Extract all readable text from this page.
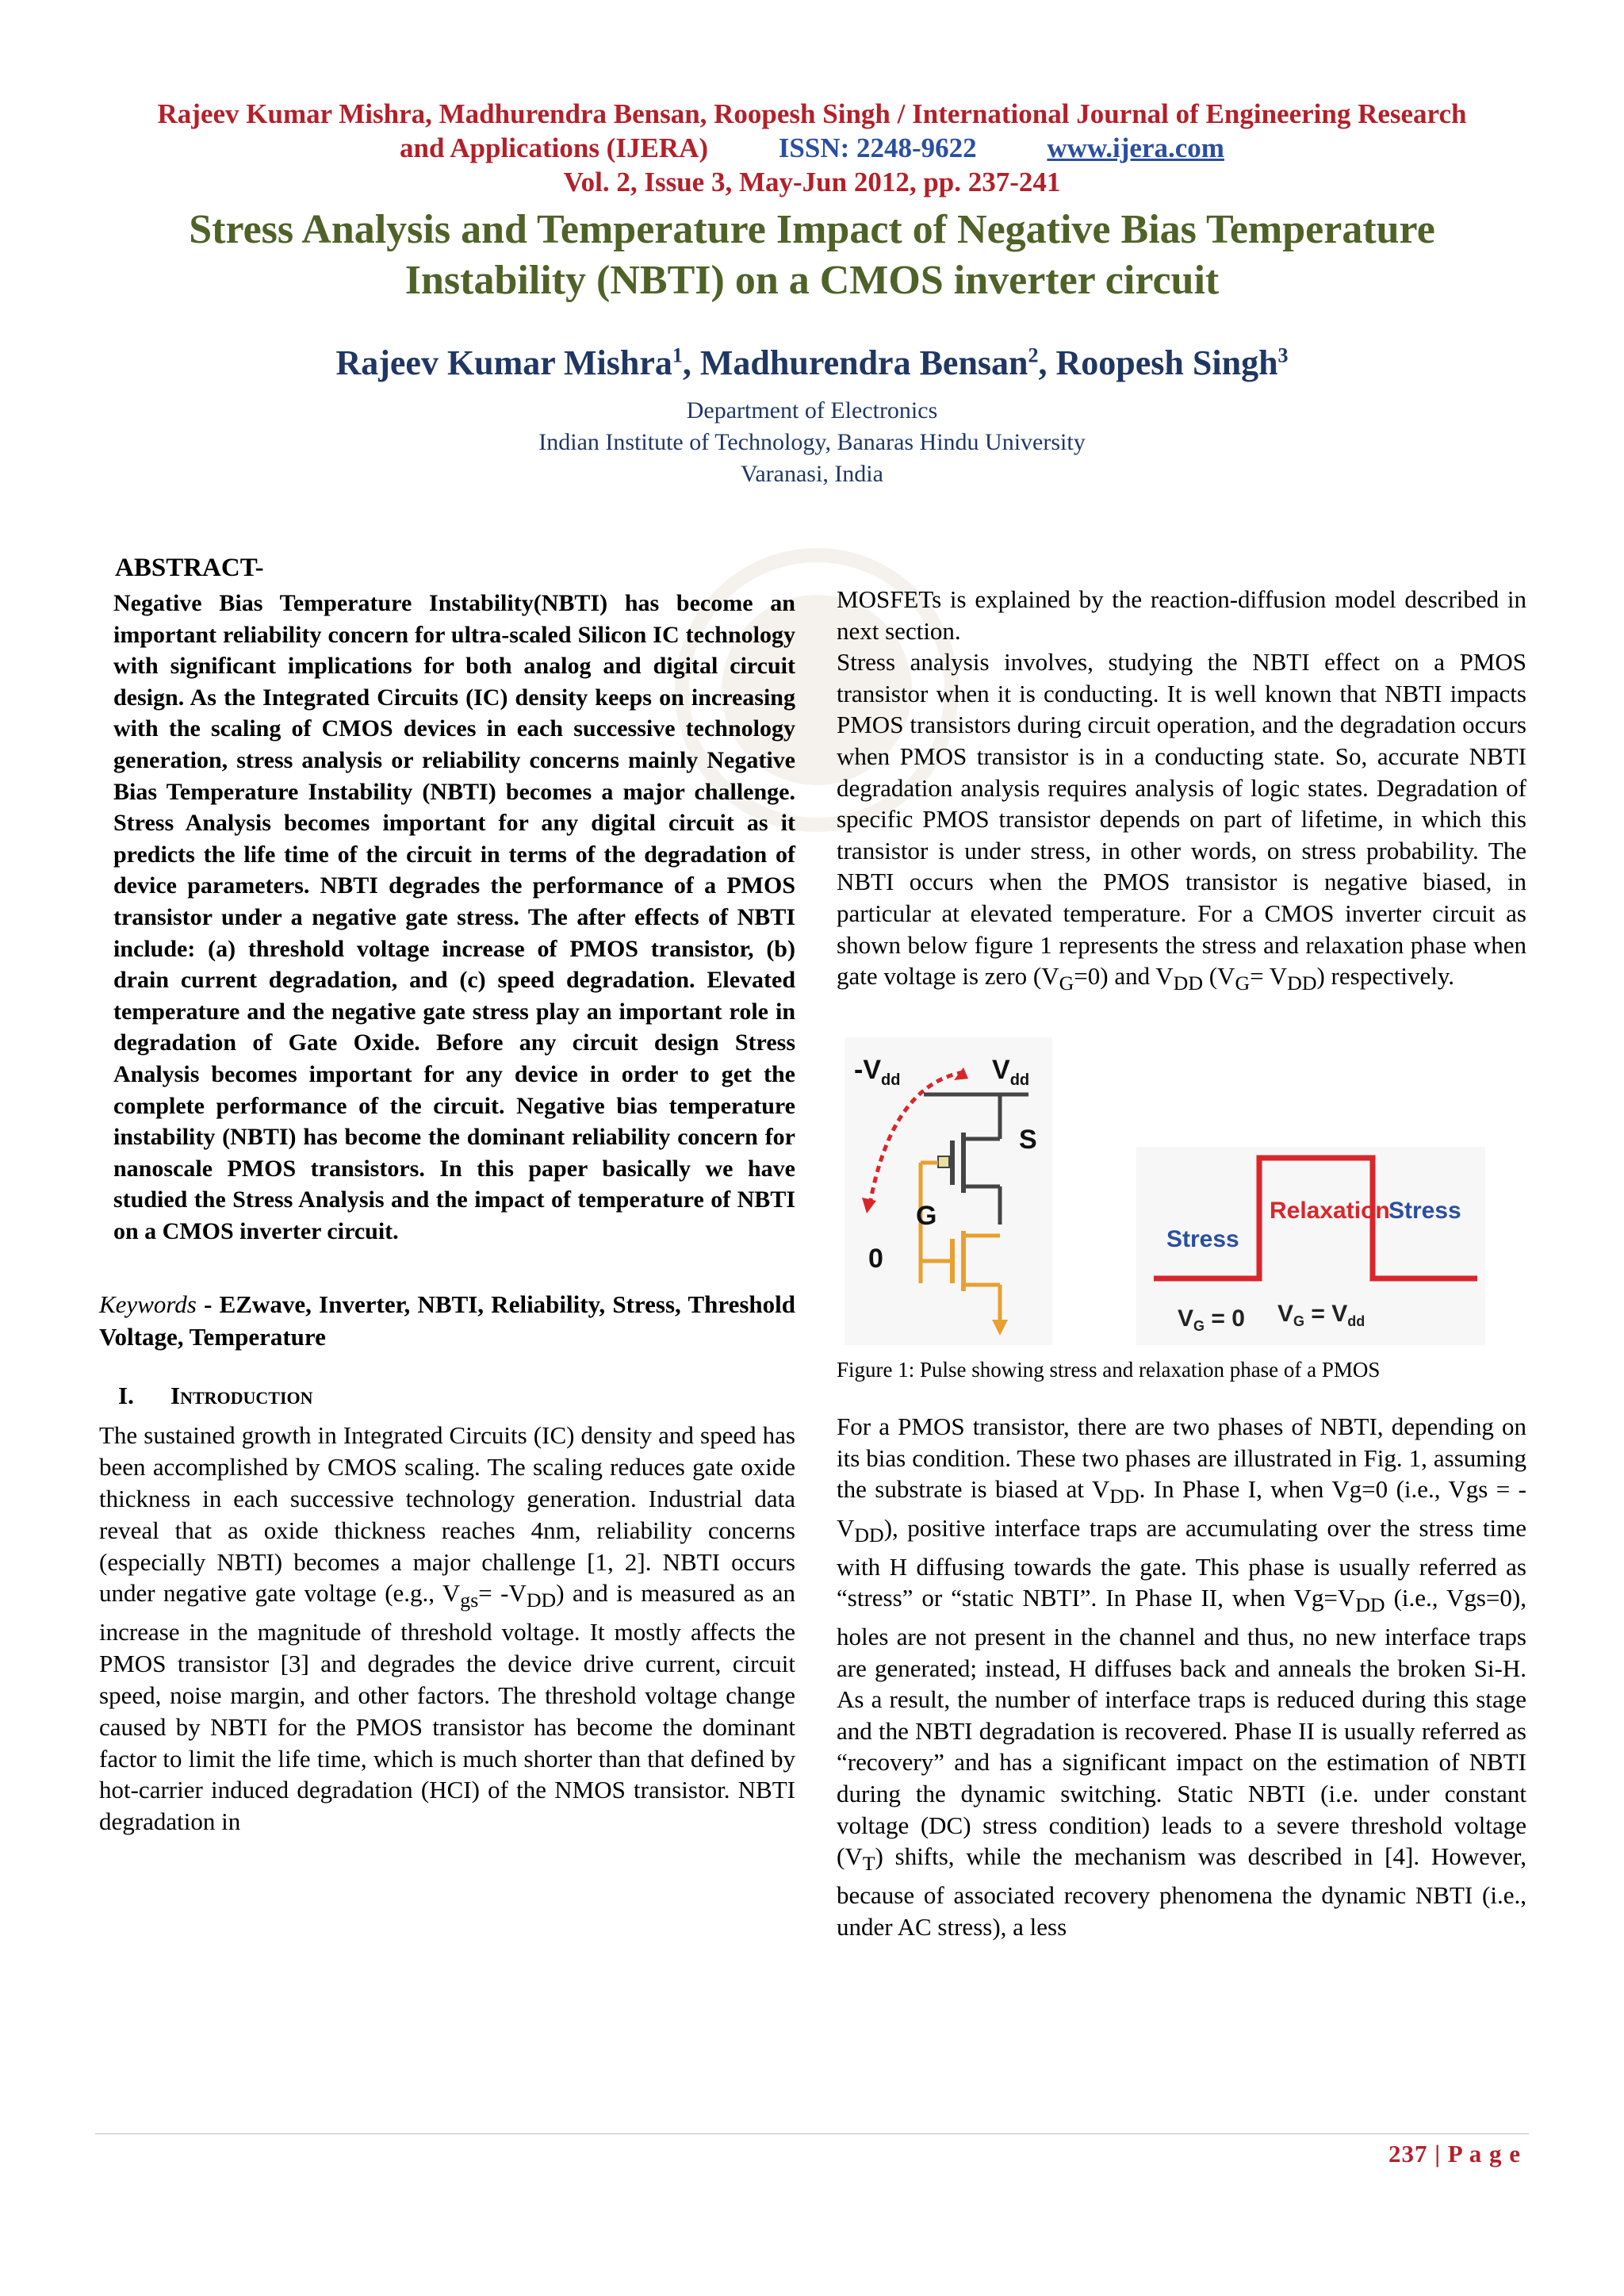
Rajeev Kumar Mishra, Madhurendra Bensan, Roopesh Singh / International Journal of Engineering Research
and Applications (IJERA)	ISSN: 2248-9622	www.ijera.com
Vol. 2, Issue 3, May-Jun 2012, pp. 237-241
Stress Analysis and Temperature Impact of Negative Bias Temperature
Instability (NBTI) on a CMOS inverter circuit
Rajeev Kumar Mishra$^1$, Madhurendra Bensan$^2$, Roopesh Singh$^3$
Department of Electronics
Indian Institute of Technology, Banaras Hindu University
Varanasi, India
ABSTRACT-

Negative Bias Temperature Instability(NBTI) has become an important reliability concern for ultra-scaled Silicon IC technology with significant implications for both analog and digital circuit design. As the Integrated Circuits (IC) density keeps on increasing with the scaling of CMOS devices in each successive technology generation, stress analysis or reliability concerns mainly Negative Bias Temperature Instability (NBTI) becomes a major challenge. Stress Analysis becomes important for any digital circuit as it predicts the life time of the circuit in terms of the degradation of device parameters. NBTI degrades the performance of a PMOS transistor under a negative gate stress. The after effects of NBTI include: (a) threshold voltage increase of PMOS transistor, (b) drain current degradation, and (c) speed degradation. Elevated temperature and the negative gate stress play an important role in degradation of Gate Oxide. Before any circuit design Stress Analysis becomes important for any device in order to get the complete performance of the circuit. Negative bias temperature instability (NBTI) has become the dominant reliability concern for nanoscale PMOS transistors. In this paper basically we have studied the Stress Analysis and the impact of temperature of NBTI on a CMOS inverter circuit.

Keywords - EZwave, Inverter, NBTI, Reliability, Stress, Threshold Voltage, Temperature
I. Introduction

The sustained growth in Integrated Circuits (IC) density and speed has been accomplished by CMOS scaling. The scaling reduces gate oxide thickness in each successive technology generation. Industrial data reveal that as oxide thickness reaches 4nm, reliability concerns (especially NBTI) becomes a major challenge [1, 2]. NBTI occurs under negative gate voltage (e.g., $V_{gs}= -V_{DD}$) and is measured as an increase in the magnitude of threshold voltage. It mostly affects the PMOS transistor [3] and degrades the device drive current, circuit speed, noise margin, and other factors. The threshold voltage change caused by NBTI for the PMOS transistor has become the dominant factor to limit the life time, which is much shorter than that defined by hot-carrier induced degradation (HCI) of the NMOS transistor. NBTI degradation in

MOSFETs is explained by the reaction-diffusion model described in next section.

Stress analysis involves, studying the NBTI effect on a PMOS transistor when it is conducting. It is well known that NBTI impacts PMOS transistors during circuit operation, and the degradation occurs when PMOS transistor is in a conducting state. So, accurate NBTI degradation analysis requires analysis of logic states. Degradation of specific PMOS transistor depends on part of lifetime, in which this transistor is under stress, in other words, on stress probability. The NBTI occurs when the PMOS transistor is negative biased, in particular at elevated temperature. For a CMOS inverter circuit as shown below figure 1 represents the stress and relaxation phase when gate voltage is zero $(V_G=0)$ and $V_{DD}$ $(V_G= V_{DD})$ respectively.

$-V_{dd}$	$V_{dd}$
S
G
0
Stress
Relaxation
Stress
$V_G = 0$ $V_G = V_{dd}$
Figure 1: Pulse showing stress and relaxation phase of a PMOS

For a PMOS transistor, there are two phases of NBTI, depending on its bias condition. These two phases are illustrated in Fig. 1, assuming the substrate is biased at $V_{DD}$. In Phase I, when Vg=0 (i.e., Vgs = $-V_{DD}$), positive interface traps are accumulating over the stress time with H diffusing towards the gate. This phase is usually referred as “stress” or “static NBTI”. In Phase II, when $Vg=V_{DD}$ (i.e., Vgs=0), holes are not present in the channel and thus, no new interface traps are generated; instead, H diffuses back and anneals the broken Si-H. As a result, the number of interface traps is reduced during this stage and the NBTI degradation is recovered. Phase II is usually referred as “recovery” and has a significant impact on the estimation of NBTI during the dynamic switching. Static NBTI (i.e. under constant voltage (DC) stress condition) leads to a severe threshold voltage $(V_T)$ shifts, while the mechanism was described in [4]. However, because of associated recovery phenomena the dynamic NBTI (i.e., under AC stress), a less

237 | P a g e
